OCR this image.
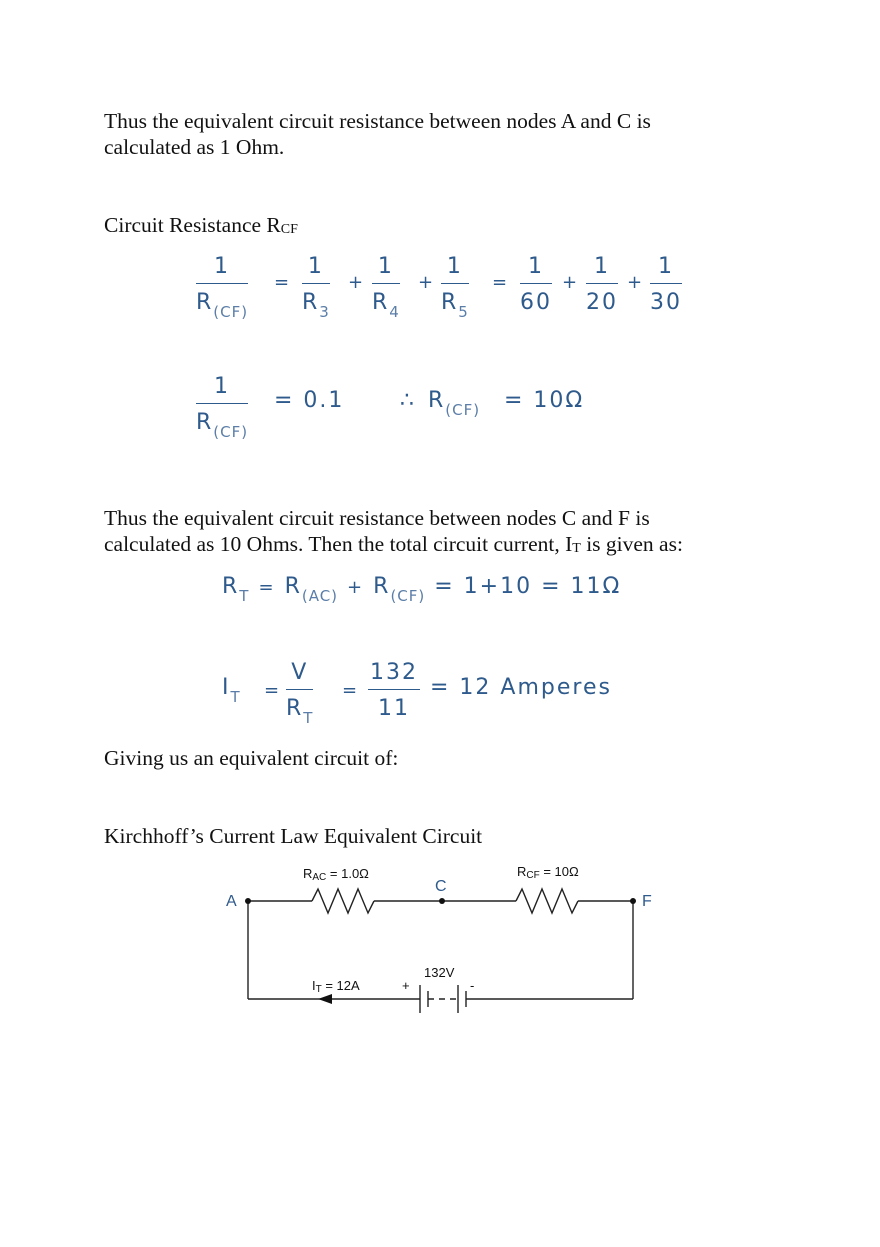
Thus the equivalent circuit resistance between nodes A and C is
calculated as 1 Ohm.

Circuit Resistance $R_{CF}$

1
$R_{(CF)}$
=
1
$R_3$
+
1
$R_4$
+
1
$R_5$
=
1
60
+
1
20
+
1
30
1
$R_{(CF)}$
= 0.1	∴ $R_{(CF)} = 10\Omega$

Thus the equivalent circuit resistance between nodes C and F is
calculated as 10 Ohms. Then the total circuit current, $I_T$ is given as:

$R_T = R_{(AC)} + R_{(CF)} = 1+10 = 11\Omega$
$I_T$ =
V
$R_T$
=
132
11
= 12 Amperes

Giving us an equivalent circuit of:

Kirchhoff’s Current Law Equivalent Circuit

RAC = 1.0Ω	RCF = 10Ω
A
C
F
IT = 12A
132V
+	-
